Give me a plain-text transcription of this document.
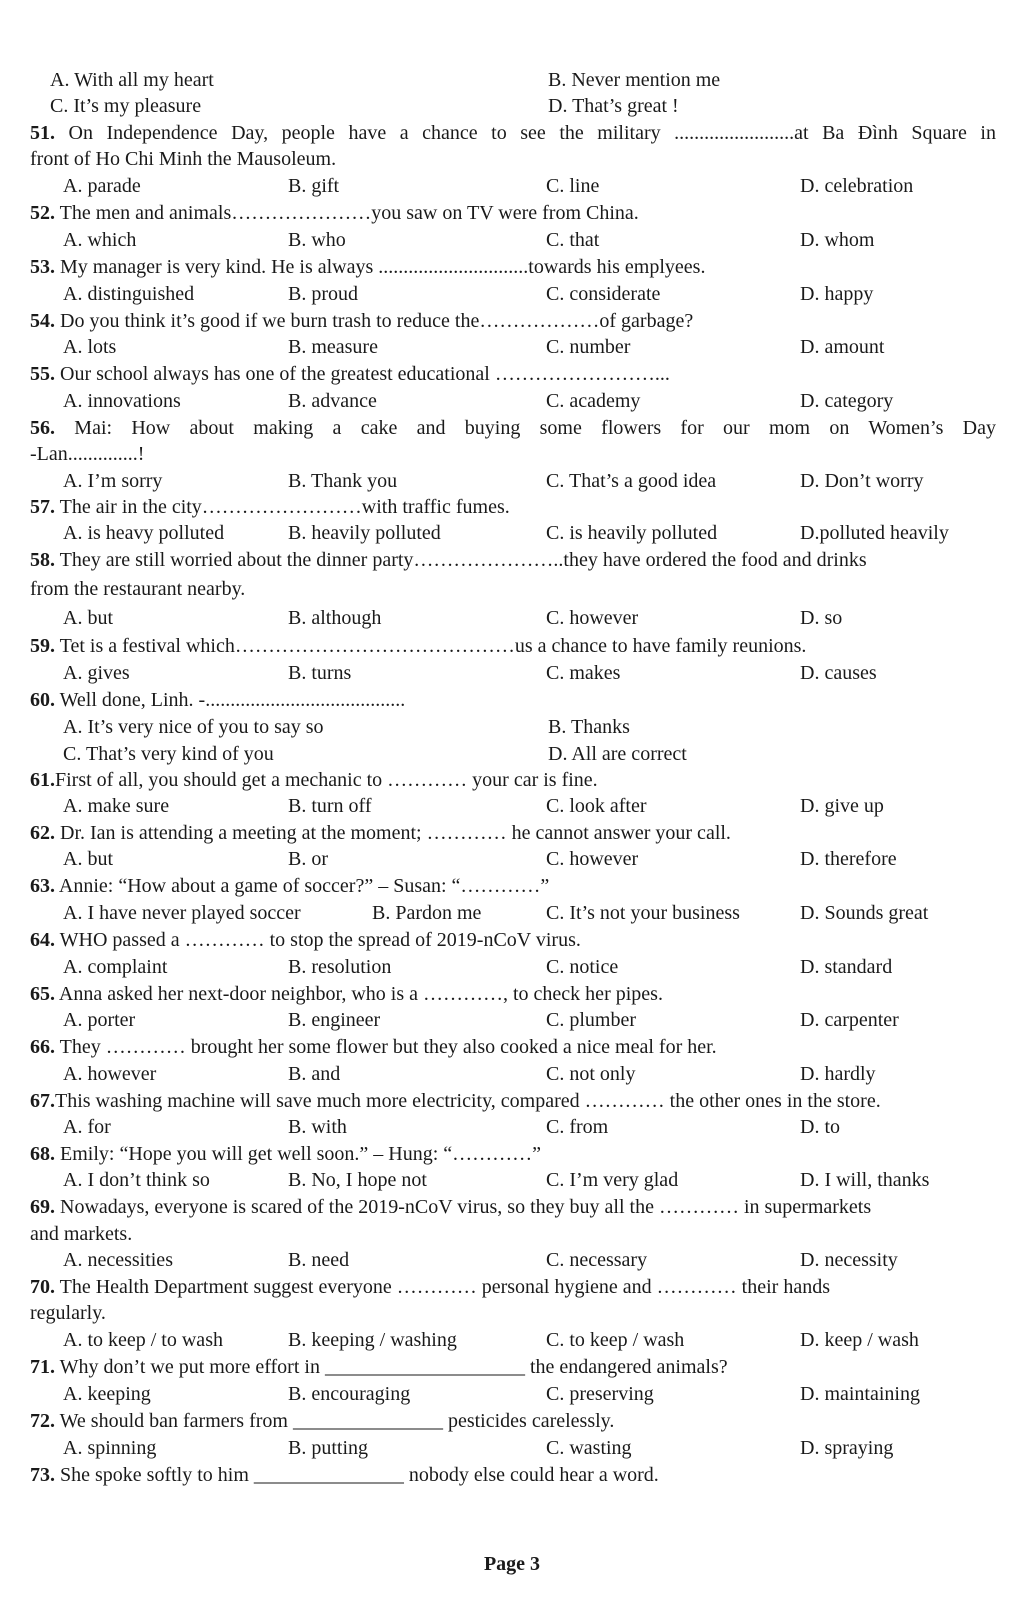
A. With all my heart	B. Never mention me
C. It’s my pleasure	D. That’s great !
51. On Independence Day, people have a chance to see the military ........................at Ba Đình Square in
front of Ho Chi Minh the Mausoleum.
A. parade	B. gift	C. line	D. celebration
52. The men and animals…………………you saw on TV were from China.
A. which	B. who	C. that	D. whom
53. My manager is very kind. He is always ..............................towards his emplyees.
A. distinguished	B. proud	C. considerate	D. happy
54. Do you think it’s good if we burn trash to reduce the………………of garbage?
A. lots	B. measure	C. number	D. amount
55. Our school always has one of the greatest educational ……………………...
A. innovations	B. advance	C. academy	D. category
56. Mai: How about making a cake and buying some flowers for our mom on Women’s Day
-Lan..............!
A. I’m sorry	B. Thank you	C. That’s a good idea	D. Don’t worry
57. The air in the city……………………with traffic fumes.
A. is heavy polluted	B. heavily polluted	C. is heavily polluted	D.polluted heavily
58. They are still worried about the dinner party…………………..they have ordered the food and drinks
from the restaurant nearby.
A. but	B. although	C. however	D. so
59. Tet is a festival which……………………………………us a chance to have family reunions.
A. gives	B. turns	C. makes	D. causes
60. Well done, Linh. -........................................
A. It’s very nice of you to say so	B. Thanks
C. That’s very kind of you	D. All are correct
61.First of all, you should get a mechanic to ………… your car is fine.
A. make sure	B. turn off	C. look after	D. give up
62. Dr. Ian is attending a meeting at the moment; ………… he cannot answer your call.
A. but	B. or	C. however	D. therefore
63. Annie: “How about a game of soccer?” – Susan: “…………”
A. I have never played soccer	B. Pardon me	C. It’s not your business	D. Sounds great
64. WHO passed a ………… to stop the spread of 2019-nCoV virus.
A. complaint	B. resolution	C. notice	D. standard
65. Anna asked her next-door neighbor, who is a …………, to check her pipes.
A. porter	B. engineer	C. plumber	D. carpenter
66. They ………… brought her some flower but they also cooked a nice meal for her.
A. however	B. and	C. not only	D. hardly
67.This washing machine will save much more electricity, compared ………… the other ones in the store.
A. for	B. with	C. from	D. to
68. Emily: “Hope you will get well soon.” – Hung: “…………”
A. I don’t think so	B. No, I hope not	C. I’m very glad	D. I will, thanks
69. Nowadays, everyone is scared of the 2019-nCoV virus, so they buy all the ………… in supermarkets
and markets.
A. necessities	B. need	C. necessary	D. necessity
70. The Health Department suggest everyone ………… personal hygiene and ………… their hands
regularly.
A. to keep / to wash	B. keeping / washing	C. to keep / wash	D. keep / wash
71. Why don’t we put more effort in ____________________ the endangered animals?
A. keeping	B. encouraging	C. preserving	D. maintaining
72. We should ban farmers from _______________ pesticides carelessly.
A. spinning	B. putting	C. wasting	D. spraying
73. She spoke softly to him _______________ nobody else could hear a word.
Page 3
